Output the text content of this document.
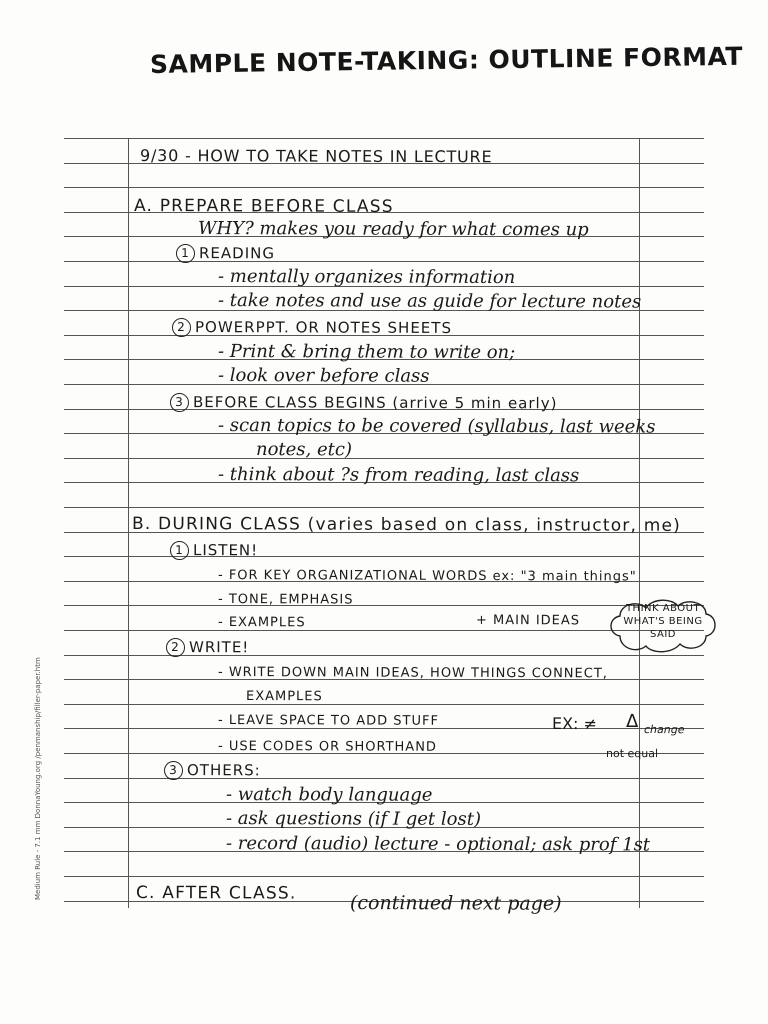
SAMPLE NOTE-TAKING: OUTLINE FORMAT
Medium Rule - 7.1 mm DonnaYoung.org /penmanship/filler-paper.htm
9/30 - HOW TO TAKE NOTES IN LECTURE
A. PREPARE BEFORE CLASS
WHY? makes you ready for what comes up
1 READING
- mentally organizes information
- take notes and use as guide for lecture notes
2 POWERPPT. OR NOTES SHEETS
- Print & bring them to write on;
- look over before class
3 BEFORE CLASS BEGINS (arrive 5 min early)
- scan topics to be covered (syllabus, last weeks
notes, etc)
- think about ?s from reading, last class
B. DURING CLASS (varies based on class, instructor, me)
1 LISTEN!
- FOR KEY ORGANIZATIONAL WORDS ex: "3 main things"
- TONE, EMPHASIS
- EXAMPLES	+ MAIN IDEAS
THINK ABOUT
WHAT'S BEING
SAID
2 WRITE!
- WRITE DOWN MAIN IDEAS, HOW THINGS CONNECT,
EXAMPLES
- LEAVE SPACE TO ADD STUFF	EX: ≠
not equal
Δ change
- USE CODES OR SHORTHAND
3 OTHERS:
- watch body language
- ask questions (if I get lost)
- record (audio) lecture - optional; ask prof 1st
C. AFTER CLASS.	(continued next page)
